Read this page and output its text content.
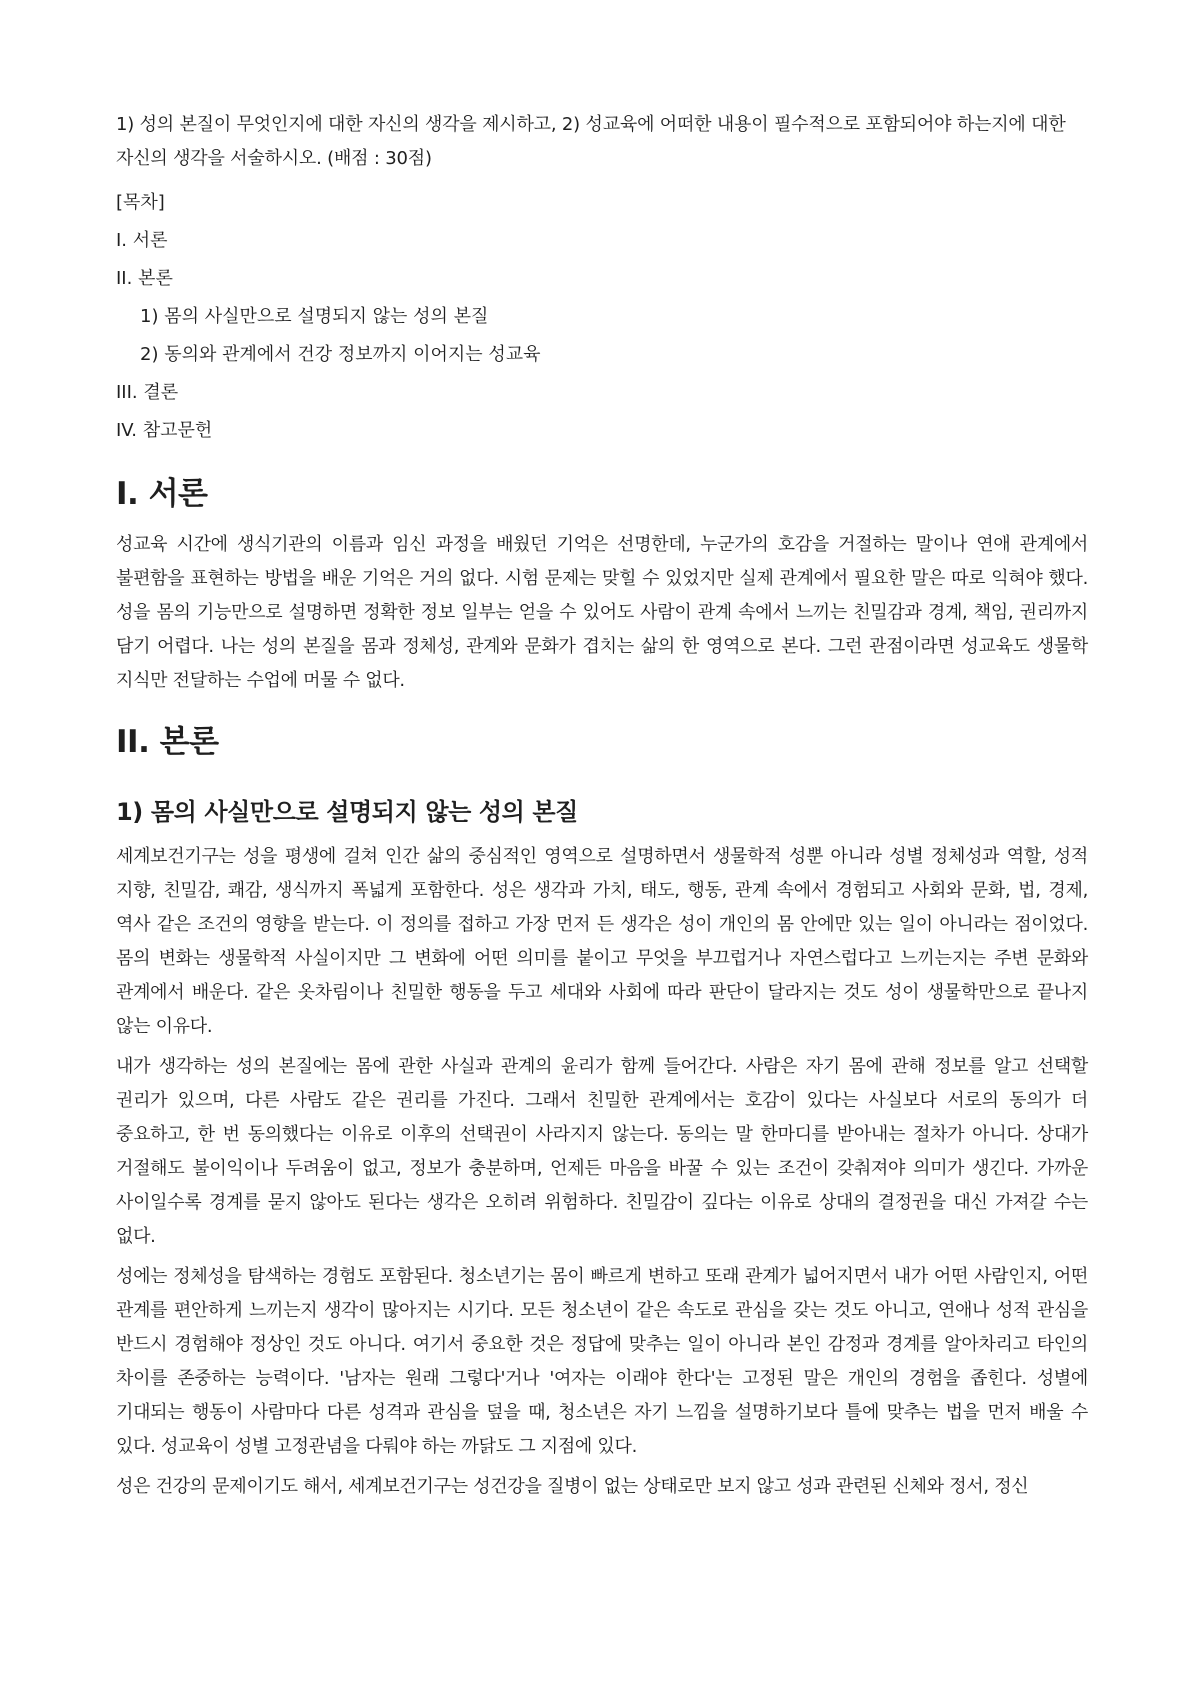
1) 성의 본질이 무엇인지에 대한 자신의 생각을 제시하고, 2) 성교육에 어떠한 내용이 필수적으로 포함되어야 하는지에 대한 자신의 생각을 서술하시오. (배점 : 30점)

[목차]

I. 서론
II. 본론
1) 몸의 사실만으로 설명되지 않는 성의 본질
2) 동의와 관계에서 건강 정보까지 이어지는 성교육
III. 결론
IV. 참고문헌
I. 서론

성교육 시간에 생식기관의 이름과 임신 과정을 배웠던 기억은 선명한데, 누군가의 호감을 거절하는 말이나 연애 관계에서 불편함을 표현하는 방법을 배운 기억은 거의 없다. 시험 문제는 맞힐 수 있었지만 실제 관계에서 필요한 말은 따로 익혀야 했다. 성을 몸의 기능만으로 설명하면 정확한 정보 일부는 얻을 수 있어도 사람이 관계 속에서 느끼는 친밀감과 경계, 책임, 권리까지 담기 어렵다. 나는 성의 본질을 몸과 정체성, 관계와 문화가 겹치는 삶의 한 영역으로 본다. 그런 관점이라면 성교육도 생물학 지식만 전달하는 수업에 머물 수 없다.

II. 본론
1) 몸의 사실만으로 설명되지 않는 성의 본질

세계보건기구는 성을 평생에 걸쳐 인간 삶의 중심적인 영역으로 설명하면서 생물학적 성뿐 아니라 성별 정체성과 역할, 성적 지향, 친밀감, 쾌감, 생식까지 폭넓게 포함한다. 성은 생각과 가치, 태도, 행동, 관계 속에서 경험되고 사회와 문화, 법, 경제, 역사 같은 조건의 영향을 받는다. 이 정의를 접하고 가장 먼저 든 생각은 성이 개인의 몸 안에만 있는 일이 아니라는 점이었다. 몸의 변화는 생물학적 사실이지만 그 변화에 어떤 의미를 붙이고 무엇을 부끄럽거나 자연스럽다고 느끼는지는 주변 문화와 관계에서 배운다. 같은 옷차림이나 친밀한 행동을 두고 세대와 사회에 따라 판단이 달라지는 것도 성이 생물학만으로 끝나지 않는 이유다.

내가 생각하는 성의 본질에는 몸에 관한 사실과 관계의 윤리가 함께 들어간다. 사람은 자기 몸에 관해 정보를 알고 선택할 권리가 있으며, 다른 사람도 같은 권리를 가진다. 그래서 친밀한 관계에서는 호감이 있다는 사실보다 서로의 동의가 더 중요하고, 한 번 동의했다는 이유로 이후의 선택권이 사라지지 않는다. 동의는 말 한마디를 받아내는 절차가 아니다. 상대가 거절해도 불이익이나 두려움이 없고, 정보가 충분하며, 언제든 마음을 바꿀 수 있는 조건이 갖춰져야 의미가 생긴다. 가까운 사이일수록 경계를 묻지 않아도 된다는 생각은 오히려 위험하다. 친밀감이 깊다는 이유로 상대의 결정권을 대신 가져갈 수는 없다.

성에는 정체성을 탐색하는 경험도 포함된다. 청소년기는 몸이 빠르게 변하고 또래 관계가 넓어지면서 내가 어떤 사람인지, 어떤 관계를 편안하게 느끼는지 생각이 많아지는 시기다. 모든 청소년이 같은 속도로 관심을 갖는 것도 아니고, 연애나 성적 관심을 반드시 경험해야 정상인 것도 아니다. 여기서 중요한 것은 정답에 맞추는 일이 아니라 본인 감정과 경계를 알아차리고 타인의 차이를 존중하는 능력이다. '남자는 원래 그렇다'거나 '여자는 이래야 한다'는 고정된 말은 개인의 경험을 좁힌다. 성별에 기대되는 행동이 사람마다 다른 성격과 관심을 덮을 때, 청소년은 자기 느낌을 설명하기보다 틀에 맞추는 법을 먼저 배울 수 있다. 성교육이 성별 고정관념을 다뤄야 하는 까닭도 그 지점에 있다.

성은 건강의 문제이기도 해서, 세계보건기구는 성건강을 질병이 없는 상태로만 보지 않고 성과 관련된 신체와 정서, 정신
